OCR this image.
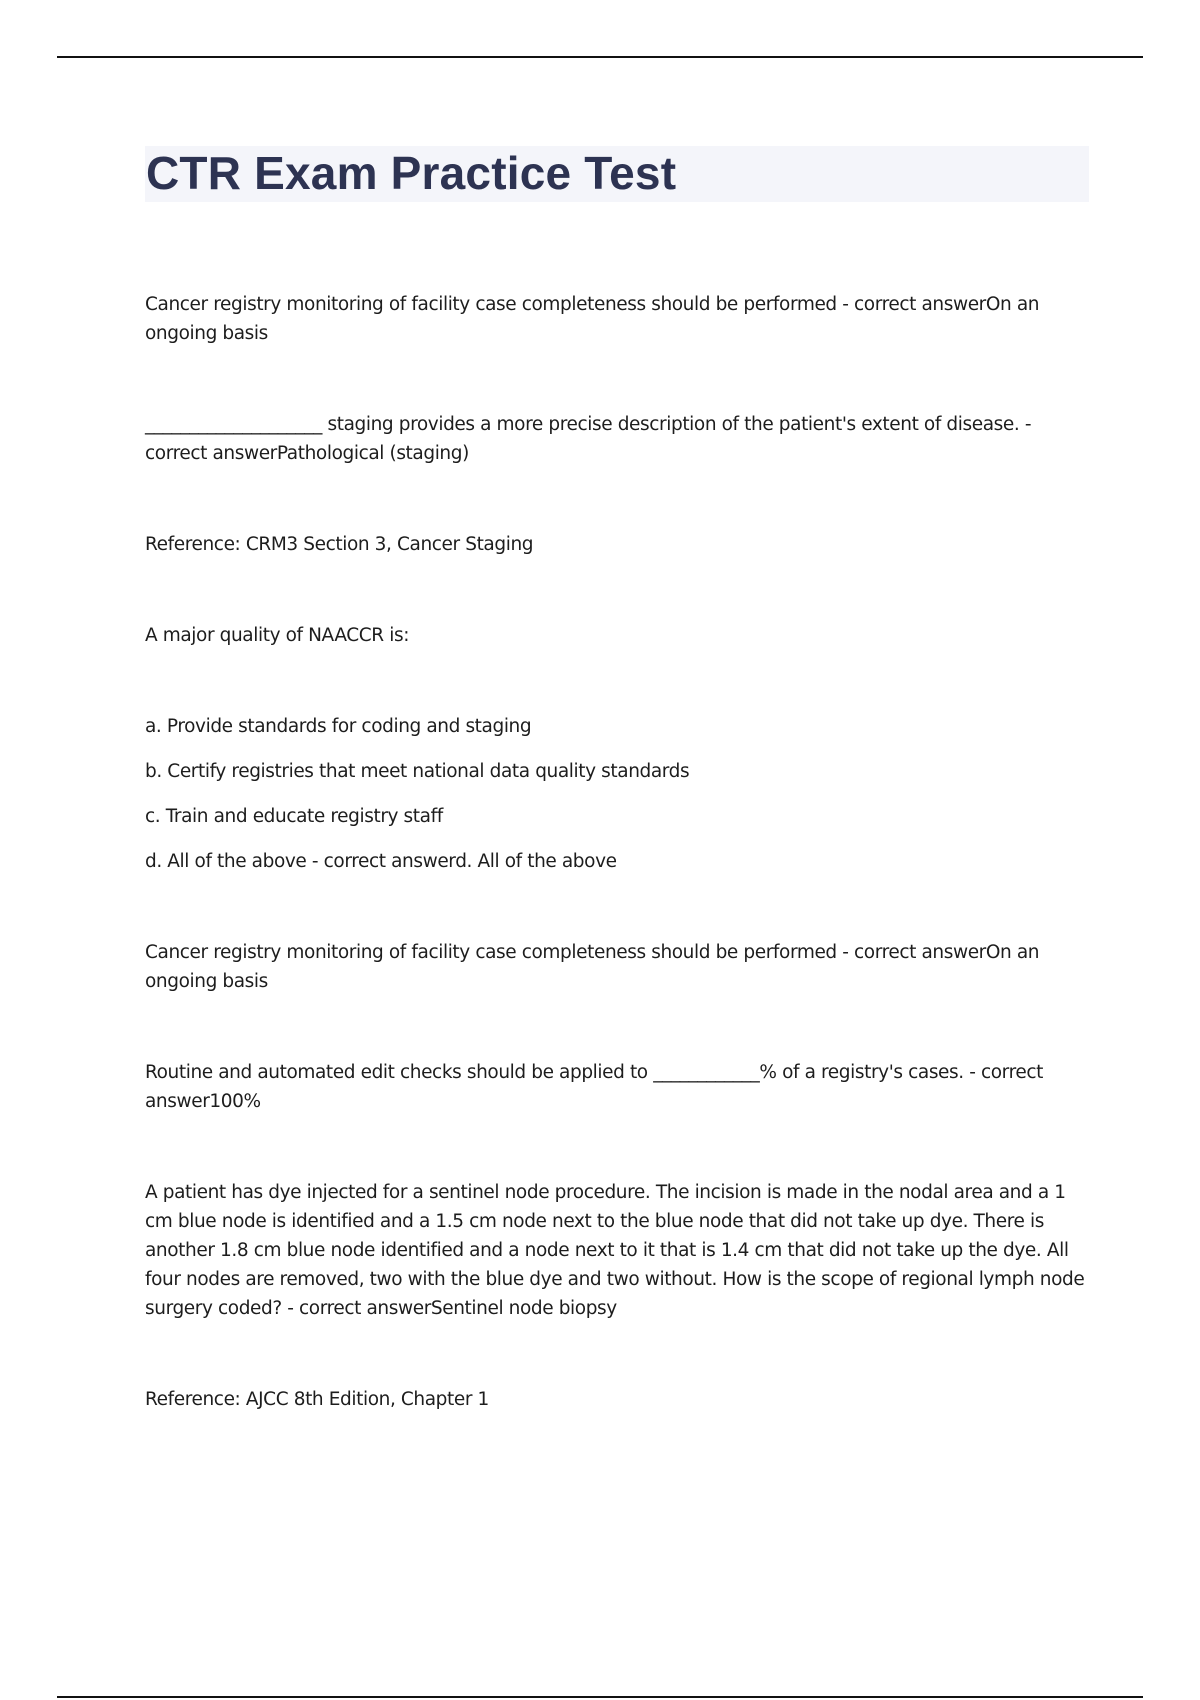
CTR Exam Practice Test

Cancer registry monitoring of facility case completeness should be performed - correct answerOn an ongoing basis

____________________ staging provides a more precise description of the patient's extent of disease. - correct answerPathological (staging)

Reference: CRM3 Section 3, Cancer Staging

A major quality of NAACCR is:

a. Provide standards for coding and staging

b. Certify registries that meet national data quality standards

c. Train and educate registry staff

d. All of the above - correct answerd. All of the above

Cancer registry monitoring of facility case completeness should be performed - correct answerOn an ongoing basis

Routine and automated edit checks should be applied to ____________% of a registry's cases. - correct answer100%

A patient has dye injected for a sentinel node procedure. The incision is made in the nodal area and a 1 cm blue node is identified and a 1.5 cm node next to the blue node that did not take up dye. There is another 1.8 cm blue node identified and a node next to it that is 1.4 cm that did not take up the dye. All four nodes are removed, two with the blue dye and two without. How is the scope of regional lymph node surgery coded? - correct answerSentinel node biopsy

Reference: AJCC 8th Edition, Chapter 1
